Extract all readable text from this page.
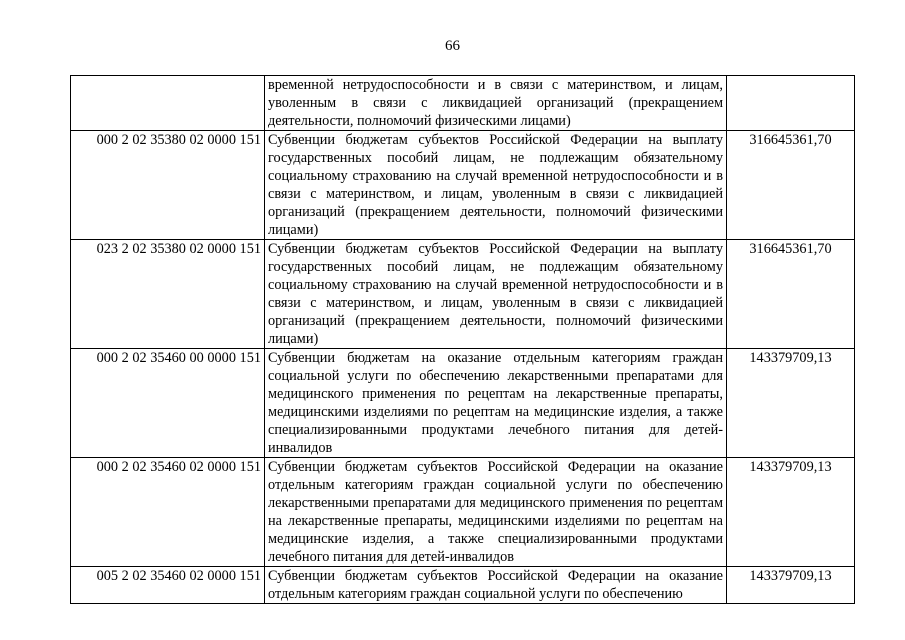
66
	временной нетрудоспособности и в связи с материнством, и лицам, уволенным в связи с ликвидацией организаций (прекращением деятельности, полномочий физическими лицами)	
000 2 02 35380 02 0000 151	Субвенции бюджетам субъектов Российской Федерации на выплату государственных пособий лицам, не подлежащим обязательному социальному страхованию на случай временной нетрудоспособности и в связи с материнством, и лицам, уволенным в связи с ликвидацией организаций (прекращением деятельности, полномочий физическими лицами)	316645361,70
023 2 02 35380 02 0000 151	Субвенции бюджетам субъектов Российской Федерации на выплату государственных пособий лицам, не подлежащим обязательному социальному страхованию на случай временной нетрудоспособности и в связи с материнством, и лицам, уволенным в связи с ликвидацией организаций (прекращением деятельности, полномочий физическими лицами)	316645361,70
000 2 02 35460 00 0000 151	Субвенции бюджетам на оказание отдельным категориям граждан социальной услуги по обеспечению лекарственными препаратами для медицинского применения по рецептам на лекарственные препараты, медицинскими изделиями по рецептам на медицинские изделия, а также специализированными продуктами лечебного питания для детей-инвалидов	143379709,13
000 2 02 35460 02 0000 151	Субвенции бюджетам субъектов Российской Федерации на оказание отдельным категориям граждан социальной услуги по обеспечению лекарственными препаратами для медицинского применения по рецептам на лекарственные препараты, медицинскими изделиями по рецептам на медицинские изделия, а также специализированными продуктами лечебного питания для детей-инвалидов	143379709,13
005 2 02 35460 02 0000 151	Субвенции бюджетам субъектов Российской Федерации на оказание отдельным категориям граждан социальной услуги по обеспечению	143379709,13
